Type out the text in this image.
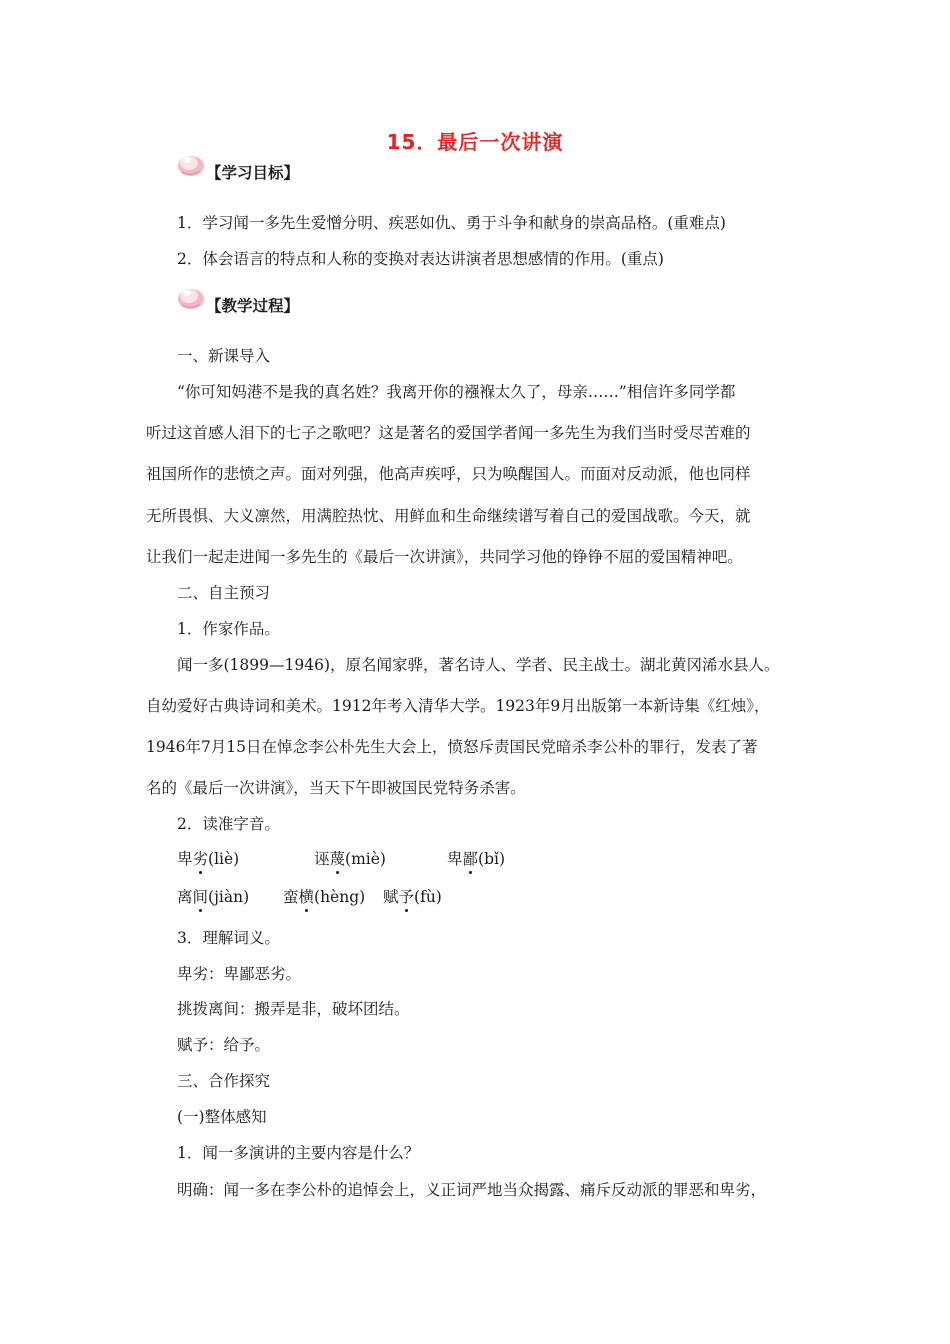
15．最后一次讲演
【学习目标】
1．学习闻一多先生爱憎分明、疾恶如仇、勇于斗争和献身的崇高品格。(重难点)
2．体会语言的特点和人称的变换对表达讲演者思想感情的作用。(重点)
【教学过程】
一、新课导入
“你可知妈港不是我的真名姓？我离开你的襁褓太久了，母亲……”相信许多同学都
听过这首感人泪下的七子之歌吧？这是著名的爱国学者闻一多先生为我们当时受尽苦难的
祖国所作的悲愤之声。面对列强，他高声疾呼，只为唤醒国人。而面对反动派，他也同样
无所畏惧、大义凛然，用满腔热忱、用鲜血和生命继续谱写着自己的爱国战歌。今天，就
让我们一起走进闻一多先生的《最后一次讲演》，共同学习他的铮铮不屈的爱国精神吧。
二、自主预习
1．作家作品。
闻一多(1899—1946)，原名闻家骅，著名诗人、学者、民主战士。湖北黄冈浠水县人。
自幼爱好古典诗词和美术。1912年考入清华大学。1923年9月出版第一本新诗集《红烛》，
1946年7月15日在悼念李公朴先生大会上，愤怒斥责国民党暗杀李公朴的罪行，发表了著
名的《最后一次讲演》，当天下午即被国民党特务杀害。
2．读准字音。
卑劣(liè)	诬蔑(miè)	卑鄙(bǐ)
离间(jiàn) 蛮横(hèng) 赋予(fù)
3．理解词义。
卑劣：卑鄙恶劣。
挑拨离间：搬弄是非，破坏团结。
赋予：给予。
三、合作探究
(一)整体感知
1．闻一多演讲的主要内容是什么？
明确：闻一多在李公朴的追悼会上，义正词严地当众揭露、痛斥反动派的罪恶和卑劣，
